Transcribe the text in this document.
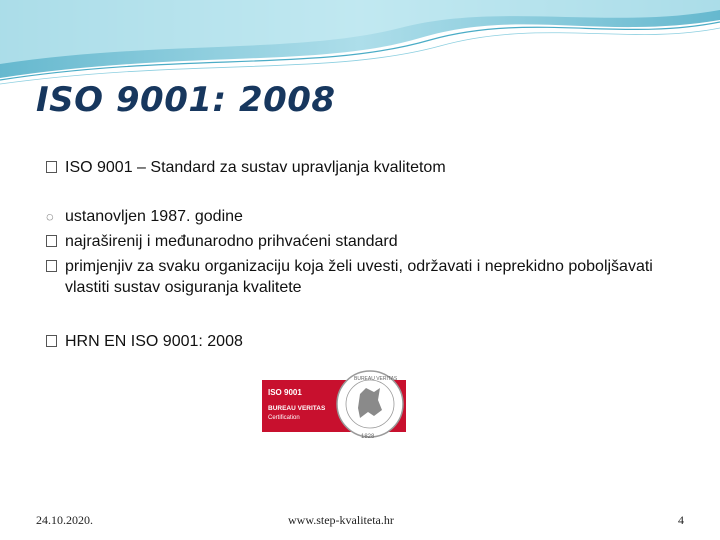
ISO 9001: 2008
ISO 9001 – Standard za sustav upravljanja kvalitetom
◌ ustanovljen 1987. godine
najraširenij i međunarodno prihvaćeni standard
primjenjiv za svaku organizaciju koja želi uvesti, održavati i neprekidno poboljšavati vlastiti sustav osiguranja kvalitete
HRN EN ISO 9001: 2008
ISO 9001
BUREAU VERITAS
Certification
BUREAU VERITAS
1828
24.10.2020.	www.step-kvaliteta.hr	4
